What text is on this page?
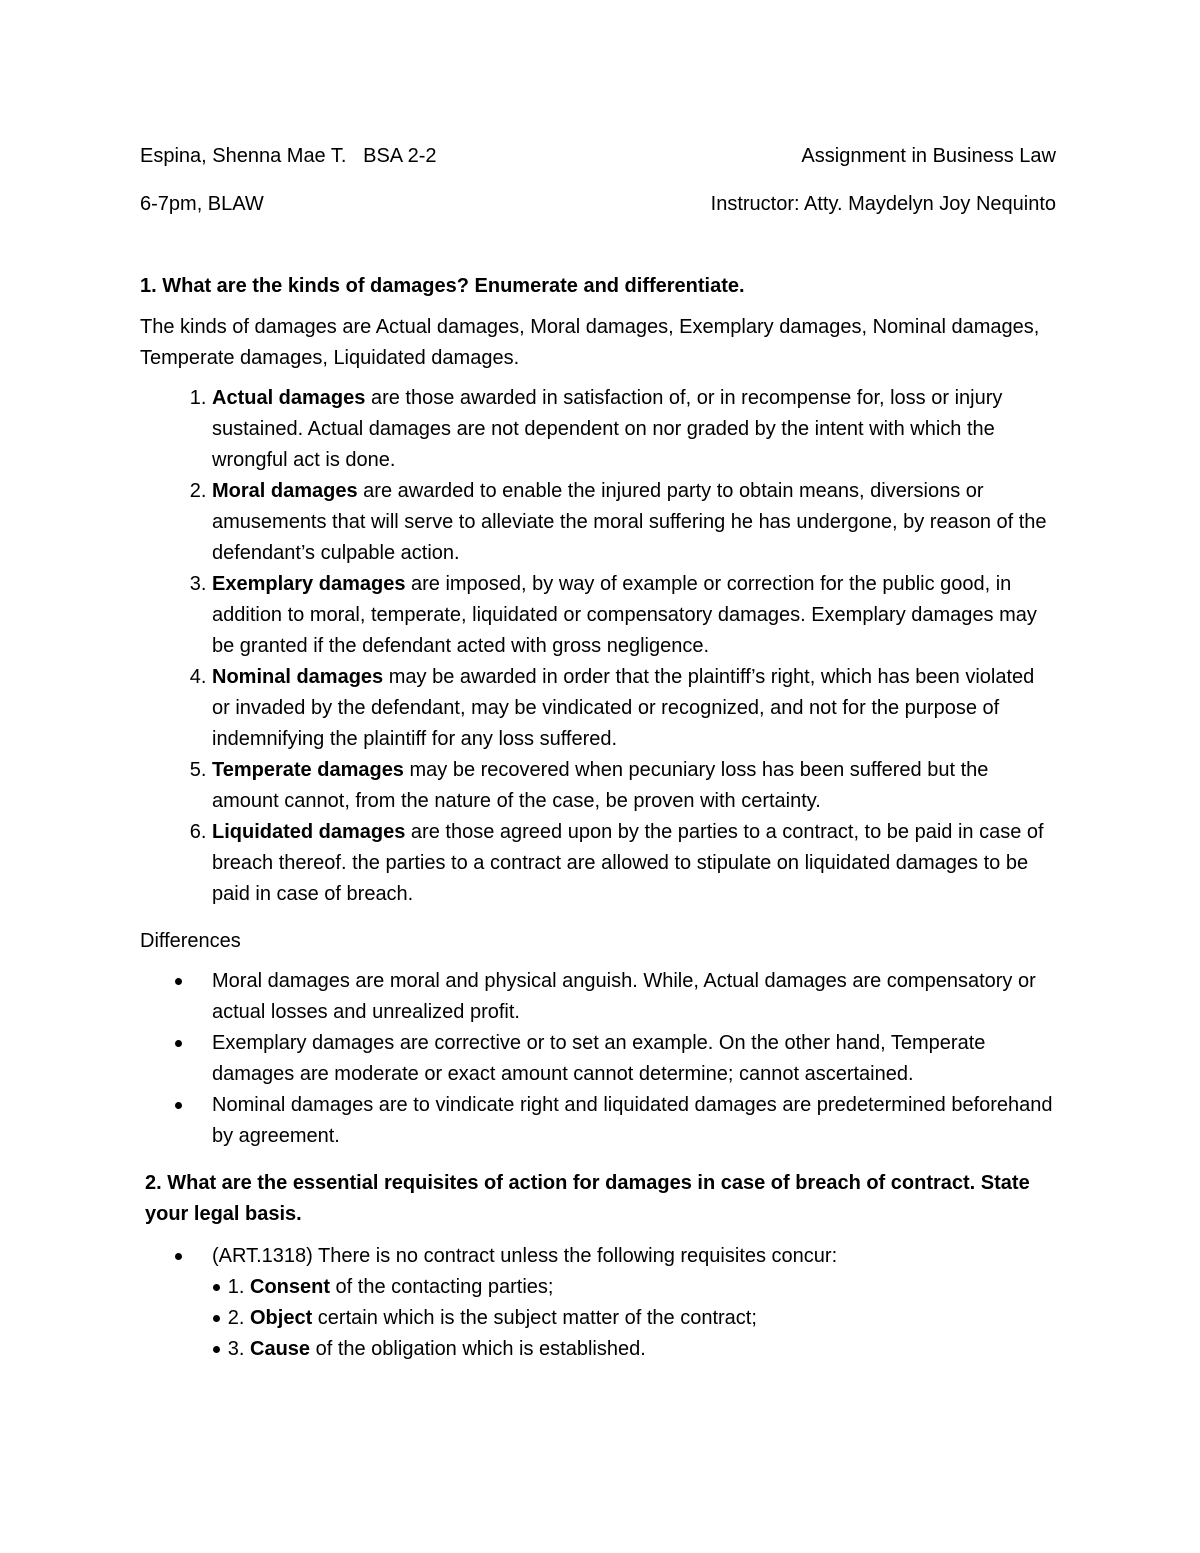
Espina, Shenna Mae T.   BSA 2-2	Assignment in Business Law
6-7pm, BLAW	Instructor: Atty. Maydelyn Joy Nequinto

1. What are the kinds of damages? Enumerate and differentiate.

The kinds of damages are Actual damages, Moral damages, Exemplary damages, Nominal damages, Temperate damages, Liquidated damages.

1. Actual damages are those awarded in satisfaction of, or in recompense for, loss or injury sustained. Actual damages are not dependent on nor graded by the intent with which the wrongful act is done.
2. Moral damages are awarded to enable the injured party to obtain means, diversions or amusements that will serve to alleviate the moral suffering he has undergone, by reason of the defendant’s culpable action.
3. Exemplary damages are imposed, by way of example or correction for the public good, in addition to moral, temperate, liquidated or compensatory damages. Exemplary damages may be granted if the defendant acted with gross negligence.
4. Nominal damages may be awarded in order that the plaintiff’s right, which has been violated or invaded by the defendant, may be vindicated or recognized, and not for the purpose of indemnifying the plaintiff for any loss suffered.
5. Temperate damages may be recovered when pecuniary loss has been suffered but the amount cannot, from the nature of the case, be proven with certainty.
6. Liquidated damages are those agreed upon by the parties to a contract, to be paid in case of breach thereof. the parties to a contract are allowed to stipulate on liquidated damages to be paid in case of breach.

Differences

Moral damages are moral and physical anguish. While, Actual damages are compensatory or actual losses and unrealized profit.
Exemplary damages are corrective or to set an example. On the other hand, Temperate damages are moderate or exact amount cannot determine; cannot ascertained.
Nominal damages are to vindicate right and liquidated damages are predetermined beforehand by agreement.

2. What are the essential requisites of action for damages in case of breach of contract. State your legal basis.

(ART.1318) There is no contract unless the following requisites concur:
1. Consent of the contacting parties;
2. Object certain which is the subject matter of the contract;
3. Cause of the obligation which is established.
